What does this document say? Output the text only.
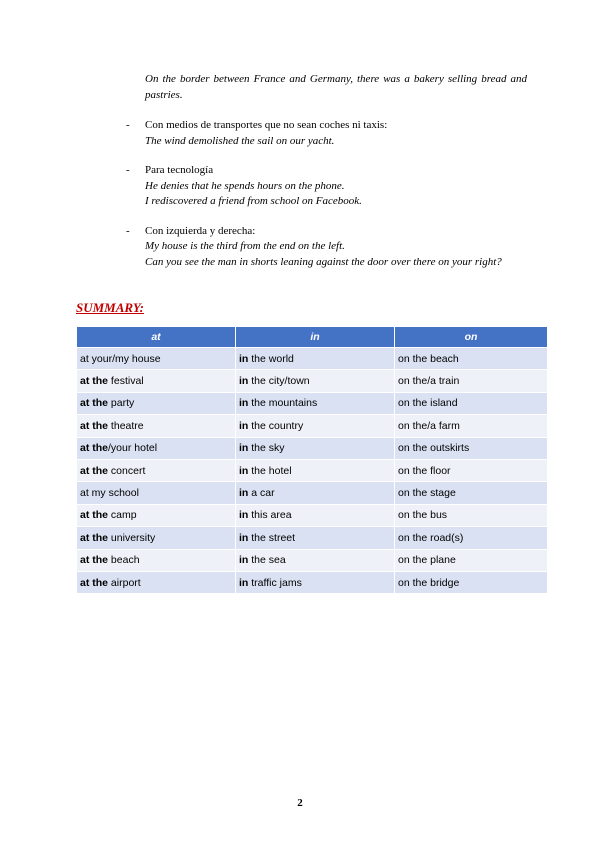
On the border between France and Germany, there was a bakery selling bread and pastries.
- Con medios de transportes que no sean coches ni taxis:
The wind demolished the sail on our yacht.
- Para tecnología
He denies that he spends hours on the phone.
I rediscovered a friend from school on Facebook.
- Con izquierda y derecha:
My house is the third from the end on the left.
Can you see the man in shorts leaning against the door over there on your right?
SUMMARY:
at	in	on
at your/my house	in the world	on the beach
at the festival	in the city/town	on the/a train
at the party	in the mountains	on the island
at the theatre	in the country	on the/a farm
at the/your hotel	in the sky	on the outskirts
at the concert	in the hotel	on the floor
at my school	in a car	on the stage
at the camp	in this area	on the bus
at the university	in the street	on the road(s)
at the beach	in the sea	on the plane
at the airport	in traffic jams	on the bridge
2
